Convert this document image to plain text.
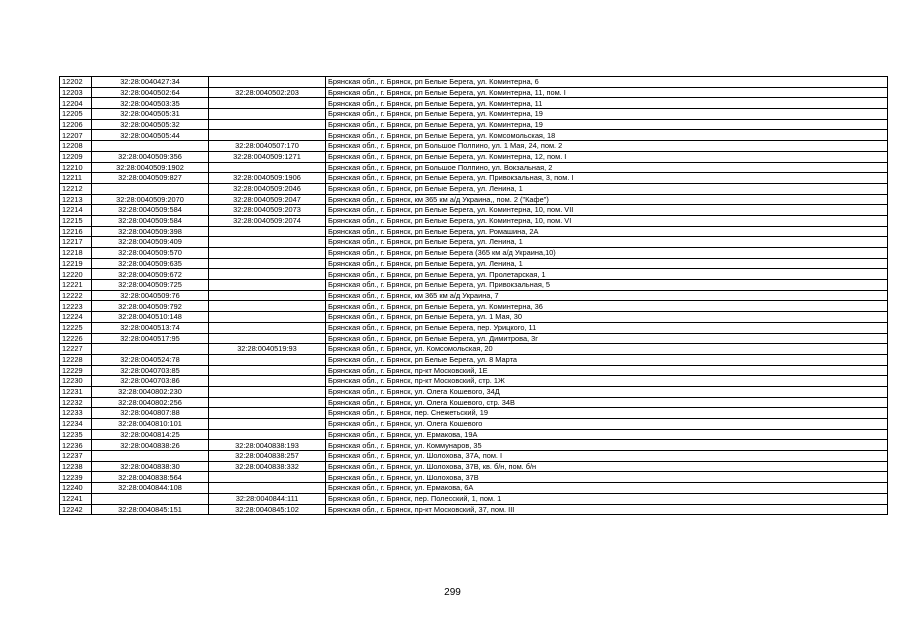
12202	32:28:0040427:34		Брянская обл., г. Брянск, рп Белые Берега, ул. Коминтерна, 6
12203	32:28:0040502:64	32:28:0040502:203	Брянская обл., г. Брянск, рп Белые Берега, ул. Коминтерна, 11, пом. I
12204	32:28:0040503:35		Брянская обл., г. Брянск, рп Белые Берега, ул. Коминтерна, 11
12205	32:28:0040505:31		Брянская обл., г. Брянск, рп Белые Берега, ул. Коминтерна, 19
12206	32:28:0040505:32		Брянская обл., г. Брянск, рп Белые Берега, ул. Коминтерна, 19
12207	32:28:0040505:44		Брянская обл., г. Брянск, рп Белые Берега, ул. Комсомольская, 18
12208		32:28:0040507:170	Брянская обл., г. Брянск, рп Большое Полпино, ул. 1 Мая, 24, пом. 2
12209	32:28:0040509:356	32:28:0040509:1271	Брянская обл., г. Брянск, рп Белые Берега, ул. Коминтерна, 12, пом. I
12210	32:28:0040509:1902		Брянская обл., г. Брянск, рп Большое Полпино, ул. Вокзальная, 2
12211	32:28:0040509:827	32:28:0040509:1906	Брянская обл., г. Брянск, рп Белые Берега, ул. Привокзальная, 3, пом. I
12212		32:28:0040509:2046	Брянская обл., г. Брянск, рп Белые Берега, ул. Ленина, 1
12213	32:28:0040509:2070	32:28:0040509:2047	Брянская обл., г. Брянск, км 365 км а/д Украина,, пом. 2 ("Кафе")
12214	32:28:0040509:584	32:28:0040509:2073	Брянская обл., г. Брянск, рп Белые Берега, ул. Коминтерна, 10, пом. VII
12215	32:28:0040509:584	32:28:0040509:2074	Брянская обл., г. Брянск, рп Белые Берега, ул. Коминтерна, 10, пом. VI
12216	32:28:0040509:398		Брянская обл., г. Брянск, рп Белые Берега, ул. Ромашина, 2А
12217	32:28:0040509:409		Брянская обл., г. Брянск, рп Белые Берега, ул. Ленина, 1
12218	32:28:0040509:570		Брянская обл., г. Брянск, рп Белые Берега (365 км а/д Украина,10)
12219	32:28:0040509:635		Брянская обл., г. Брянск, рп Белые Берега, ул. Ленина, 1
12220	32:28:0040509:672		Брянская обл., г. Брянск, рп Белые Берега, ул. Пролетарская, 1
12221	32:28:0040509:725		Брянская обл., г. Брянск, рп Белые Берега, ул. Привокзальная, 5
12222	32:28:0040509:76		Брянская обл., г. Брянск, км 365 км а/д Украина, 7
12223	32:28:0040509:792		Брянская обл., г. Брянск, рп Белые Берега, ул. Коминтерна, 36
12224	32:28:0040510:148		Брянская обл., г. Брянск, рп Белые Берега, ул. 1 Мая, 30
12225	32:28:0040513:74		Брянская обл., г. Брянск, рп Белые Берега, пер. Урицкого, 11
12226	32:28:0040517:95		Брянская обл., г. Брянск, рп Белые Берега, ул. Димитрова, 3г
12227		32:28:0040519:93	Брянская обл., г. Брянск, ул. Комсомольская, 20
12228	32:28:0040524:78		Брянская обл., г. Брянск, рп Белые Берега, ул. 8 Марта
12229	32:28:0040703:85		Брянская обл., г. Брянск, пр-кт Московский, 1Е
12230	32:28:0040703:86		Брянская обл., г. Брянск, пр-кт Московский, стр. 1Ж
12231	32:28:0040802:230		Брянская обл., г. Брянск, ул. Олега Кошевого, 34Д
12232	32:28:0040802:256		Брянская обл., г. Брянск, ул. Олега Кошевого, стр. 34В
12233	32:28:0040807:88		Брянская обл., г. Брянск, пер. Снежетьский, 19
12234	32:28:0040810:101		Брянская обл., г. Брянск, ул. Олега Кошевого
12235	32:28:0040814:25		Брянская обл., г. Брянск, ул. Ермакова, 19А
12236	32:28:0040838:26	32:28:0040838:193	Брянская обл., г. Брянск, ул. Коммунаров, 35
12237		32:28:0040838:257	Брянская обл., г. Брянск, ул. Шолохова, 37А, пом. I
12238	32:28:0040838:30	32:28:0040838:332	Брянская обл., г. Брянск, ул. Шолохова, 37В, кв. б/н, пом. б/н
12239	32:28:0040838:564		Брянская обл., г. Брянск, ул. Шолохова, 37В
12240	32:28:0040844:108		Брянская обл., г. Брянск, ул. Ермакова, 6А
12241		32:28:0040844:111	Брянская обл., г. Брянск, пер. Полесский, 1, пом. 1
12242	32:28:0040845:151	32:28:0040845:102	Брянская обл., г. Брянск, пр-кт Московский, 37, пом. III
299
